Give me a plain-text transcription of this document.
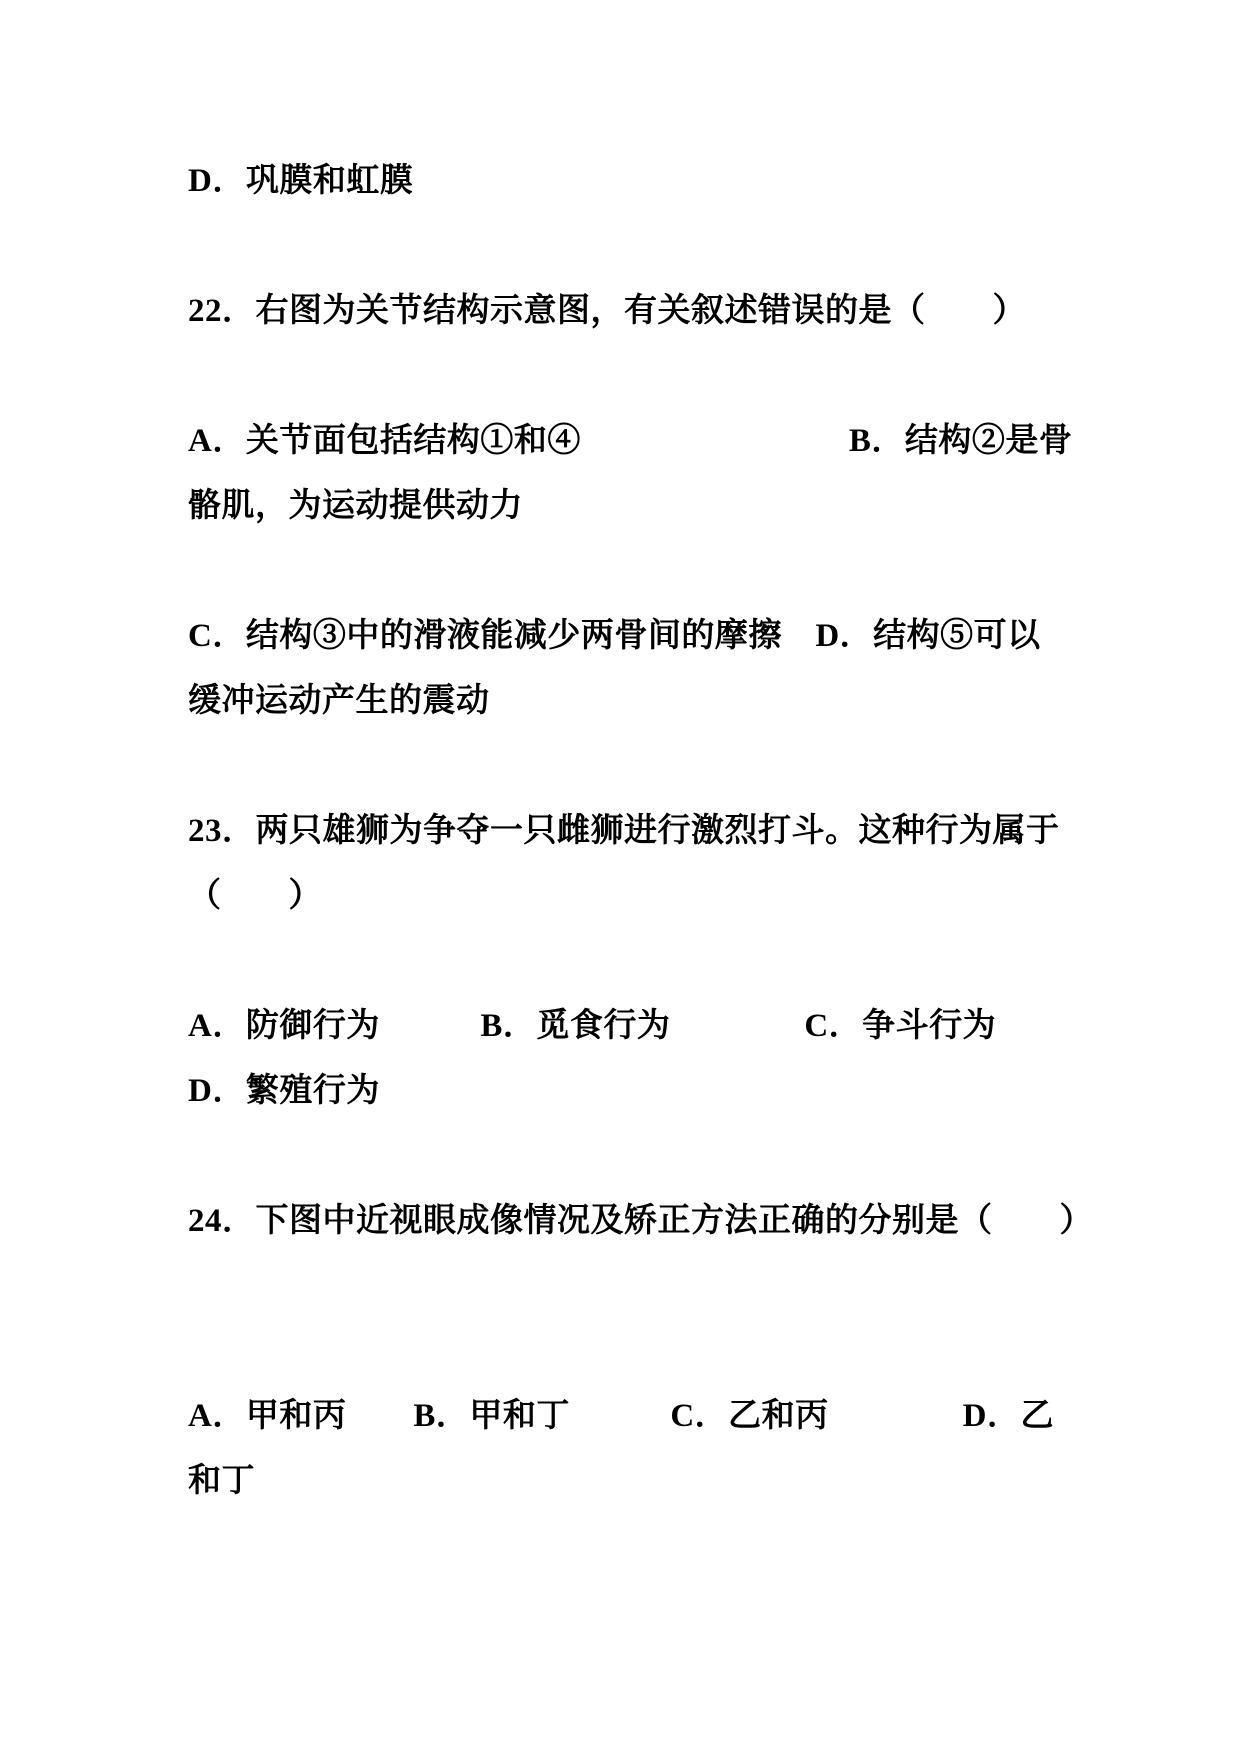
D．巩膜和虹膜
22．右图为关节结构示意图，有关叙述错误的是（　　）
A．关节面包括结构①和④　　　　　　　　B．结构②是骨
骼肌，为运动提供动力
C．结构③中的滑液能减少两骨间的摩擦　D．结构⑤可以
缓冲运动产生的震动
23．两只雄狮为争夺一只雌狮进行激烈打斗。这种行为属于
（　　）
A．防御行为　　　B．觅食行为　　　　C．争斗行为
D．繁殖行为
24．下图中近视眼成像情况及矫正方法正确的分别是（　　）
A．甲和丙　　B．甲和丁　　　C．乙和丙　　　　D．乙
和丁
